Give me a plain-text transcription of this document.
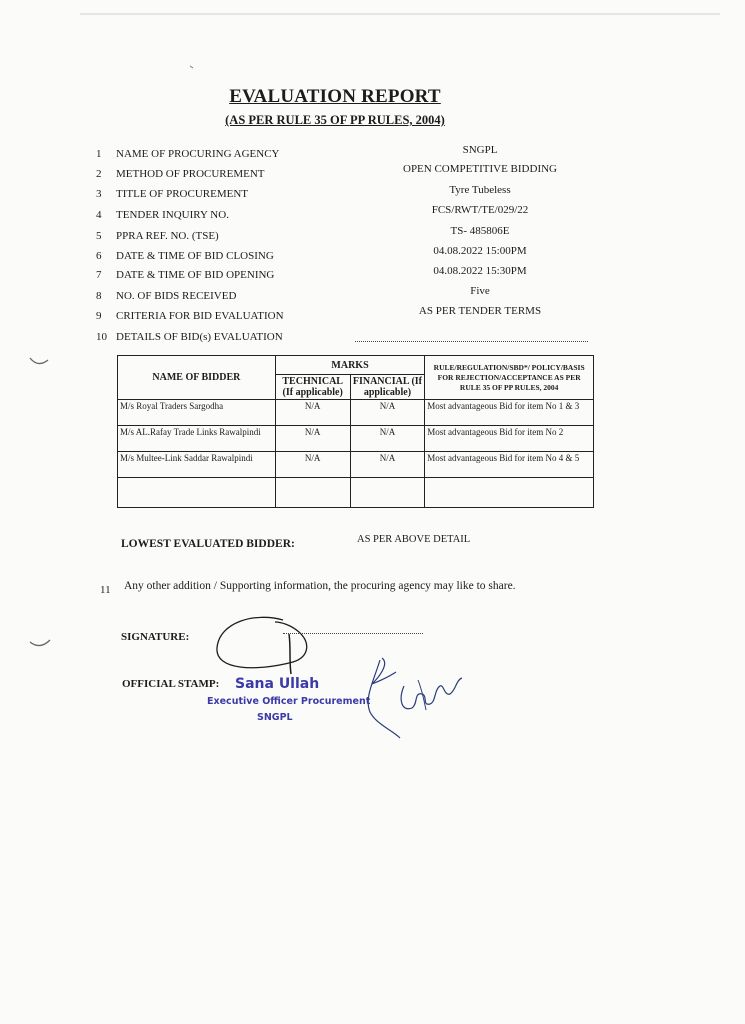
EVALUATION REPORT
(AS PER RULE 35 OF PP RULES, 2004)
1	NAME OF PROCURING AGENCY	SNGPL
2	METHOD OF PROCUREMENT	OPEN COMPETITIVE BIDDING
3	TITLE OF PROCUREMENT	Tyre Tubeless
4	TENDER INQUIRY NO.	FCS/RWT/TE/029/22
5	PPRA REF. NO. (TSE)	TS- 485806E
6	DATE & TIME OF BID CLOSING	04.08.2022 15:00PM
7	DATE & TIME OF BID OPENING	04.08.2022 15:30PM
8	NO. OF BIDS RECEIVED	Five
9	CRITERIA FOR BID EVALUATION	AS PER TENDER TERMS
10 DETAILS OF BID(s) EVALUATION
NAME OF BIDDER	MARKS		RULE/REGULATION/SBD*/ POLICY/BASIS FOR REJECTION/ACCEPTANCE AS PER RULE 35 OF PP RULES, 2004
	TECHNICAL (If applicable)	FINANCIAL (If applicable)	
M/s Royal Traders Sargodha	N/A	N/A	Most advantageous Bid for item No 1 & 3
M/s AL.Rafay Trade Links Rawalpindi	N/A	N/A	Most advantageous Bid for item No 2
M/s Multee-Link Saddar Rawalpindi	N/A	N/A	Most advantageous Bid for item No 4 & 5

LOWEST EVALUATED BIDDER:	AS PER ABOVE DETAIL
11 Any other addition / Supporting information, the procuring agency may like to share.
SIGNATURE:
OFFICIAL STAMP: Sana Ullah
Executive Officer Procurement
SNGPL
